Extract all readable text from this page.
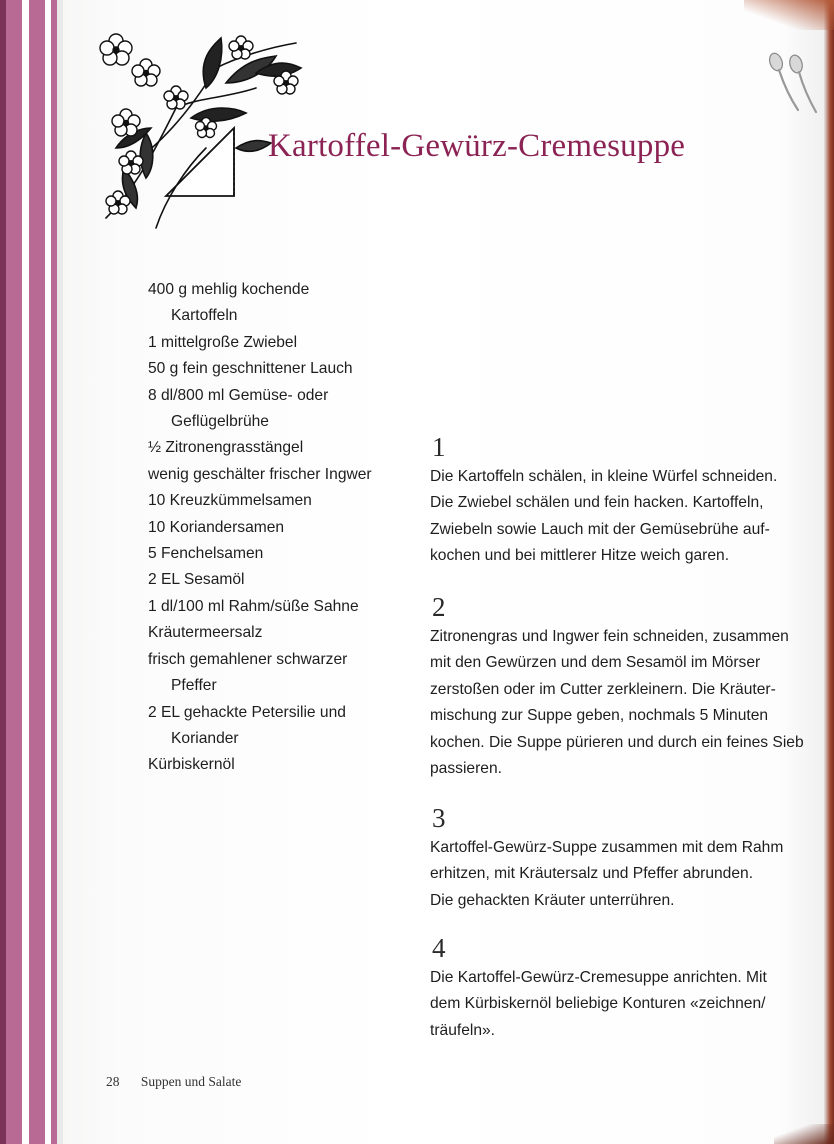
Kartoffel-Gewürz-Cremesuppe
400 g mehlig kochende
Kartoffeln
1 mittelgroße Zwiebel
50 g fein geschnittener Lauch
8 dl/800 ml Gemüse- oder
Geflügelbrühe
½ Zitronengrasstängel
wenig geschälter frischer Ingwer
10 Kreuzkümmelsamen
10 Koriandersamen
5 Fenchelsamen
2 EL Sesamöl
1 dl/100 ml Rahm/süße Sahne
Kräutermeersalz
frisch gemahlener schwarzer
Pfeffer
2 EL gehackte Petersilie und
Koriander
Kürbiskernöl
1
Die Kartoffeln schälen, in kleine Würfel schneiden.
Die Zwiebel schälen und fein hacken. Kartoffeln,
Zwiebeln sowie Lauch mit der Gemüsebrühe auf-
kochen und bei mittlerer Hitze weich garen.
2
Zitronengras und Ingwer fein schneiden, zusammen
mit den Gewürzen und dem Sesamöl im Mörser
zerstoßen oder im Cutter zerkleinern. Die Kräuter-
mischung zur Suppe geben, nochmals 5 Minuten
kochen. Die Suppe pürieren und durch ein feines Sieb
passieren.
3
Kartoffel-Gewürz-Suppe zusammen mit dem Rahm
erhitzen, mit Kräutersalz und Pfeffer abrunden.
Die gehackten Kräuter unterrühren.
4
Die Kartoffel-Gewürz-Cremesuppe anrichten. Mit
dem Kürbiskernöl beliebige Konturen «zeichnen/
träufeln».
28 Suppen und Salate
